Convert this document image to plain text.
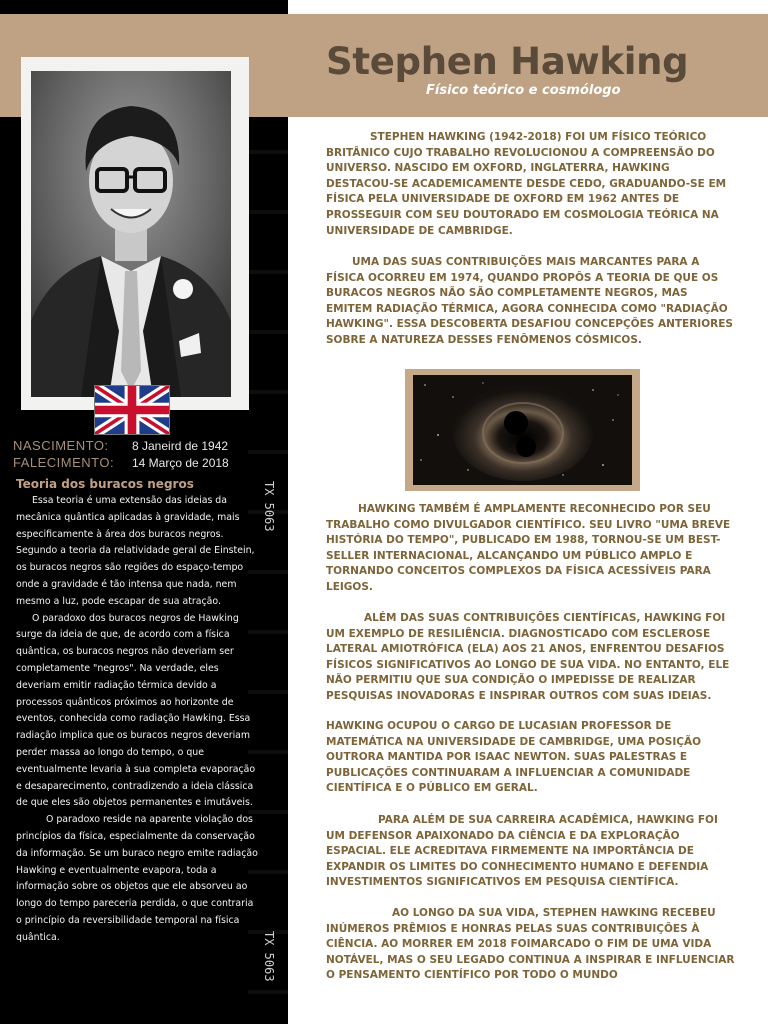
Stephen Hawking
Físico teórico e cosmólogo
NASCIMENTO:	8 Janeird de 1942
FALECIMENTO:	14 Março de 2018
Teoria dos buracos negros

Essa teoria é uma extensão das ideias da mecânica quântica aplicadas à gravidade, mais especificamente à área dos buracos negros. Segundo a teoria da relatividade geral de Einstein, os buracos negros são regiões do espaço-tempo onde a gravidade é tão intensa que nada, nem mesmo a luz, pode escapar de sua atração.

O paradoxo dos buracos negros de Hawking surge da ideia de que, de acordo com a física quântica, os buracos negros não deveriam ser completamente "negros". Na verdade, eles deveriam emitir radiação térmica devido a processos quânticos próximos ao horizonte de eventos, conhecida como radiação Hawking. Essa radiação implica que os buracos negros deveriam perder massa ao longo do tempo, o que eventualmente levaria à sua completa evaporação e desaparecimento, contradizendo a ideia clássica de que eles são objetos permanentes e imutáveis.

O paradoxo reside na aparente violação dos princípios da física, especialmente da conservação da informação. Se um buraco negro emite radiação Hawking e eventualmente evapora, toda a informação sobre os objetos que ele absorveu ao longo do tempo pareceria perdida, o que contraria o princípio da reversibilidade temporal na física quântica.

TX 5063
TX 5063

STEPHEN HAWKING (1942-2018) FOI UM FÍSICO TEÓRICO BRITÂNICO CUJO TRABALHO REVOLUCIONOU A COMPREENSÃO DO UNIVERSO. NASCIDO EM OXFORD, INGLATERRA, HAWKING DESTACOU-SE ACADEMICAMENTE DESDE CEDO, GRADUANDO-SE EM FÍSICA PELA UNIVERSIDADE DE OXFORD EM 1962 ANTES DE PROSSEGUIR COM SEU DOUTORADO EM COSMOLOGIA TEÓRICA NA UNIVERSIDADE DE CAMBRIDGE.

UMA DAS SUAS CONTRIBUIÇÕES MAIS MARCANTES PARA A FÍSICA OCORREU EM 1974, QUANDO PROPÔS A TEORIA DE QUE OS BURACOS NEGROS NÃO SÃO COMPLETAMENTE NEGROS, MAS EMITEM RADIAÇÃO TÉRMICA, AGORA CONHECIDA COMO "RADIAÇÃO HAWKING". ESSA DESCOBERTA DESAFIOU CONCEPÇÕES ANTERIORES SOBRE A NATUREZA DESSES FENÔMENOS CÓSMICOS.

HAWKING TAMBÉM É AMPLAMENTE RECONHECIDO POR SEU TRABALHO COMO DIVULGADOR CIENTÍFICO. SEU LIVRO "UMA BREVE HISTÓRIA DO TEMPO", PUBLICADO EM 1988, TORNOU-SE UM BEST-SELLER INTERNACIONAL, ALCANÇANDO UM PÚBLICO AMPLO E TORNANDO CONCEITOS COMPLEXOS DA FÍSICA ACESSÍVEIS PARA LEIGOS.

ALÉM DAS SUAS CONTRIBUIÇÕES CIENTÍFICAS, HAWKING FOI UM EXEMPLO DE RESILIÊNCIA. DIAGNOSTICADO COM ESCLEROSE LATERAL AMIOTRÓFICA (ELA) AOS 21 ANOS, ENFRENTOU DESAFIOS FÍSICOS SIGNIFICATIVOS AO LONGO DE SUA VIDA. NO ENTANTO, ELE NÃO PERMITIU QUE SUA CONDIÇÃO O IMPEDISSE DE REALIZAR PESQUISAS INOVADORAS E INSPIRAR OUTROS COM SUAS IDEIAS.

HAWKING OCUPOU O CARGO DE LUCASIAN PROFESSOR DE MATEMÁTICA NA UNIVERSIDADE DE CAMBRIDGE, UMA POSIÇÃO OUTRORA MANTIDA POR ISAAC NEWTON. SUAS PALESTRAS E PUBLICAÇÕES CONTINUARAM A INFLUENCIAR A COMUNIDADE CIENTÍFICA E O PÚBLICO EM GERAL.

PARA ALÉM DE SUA CARREIRA ACADÊMICA, HAWKING FOI UM DEFENSOR APAIXONADO DA CIÊNCIA E DA EXPLORAÇÃO ESPACIAL. ELE ACREDITAVA FIRMEMENTE NA IMPORTÂNCIA DE EXPANDIR OS LIMITES DO CONHECIMENTO HUMANO E DEFENDIA INVESTIMENTOS SIGNIFICATIVOS EM PESQUISA CIENTÍFICA.

AO LONGO DA SUA VIDA, STEPHEN HAWKING RECEBEU INÚMEROS PRÊMIOS E HONRAS PELAS SUAS CONTRIBUIÇÕES À CIÊNCIA. AO MORRER EM 2018 FOIMARCADO O FIM DE UMA VIDA NOTÁVEL, MAS O SEU LEGADO CONTINUA A INSPIRAR E INFLUENCIAR O PENSAMENTO CIENTÍFICO POR TODO O MUNDO
